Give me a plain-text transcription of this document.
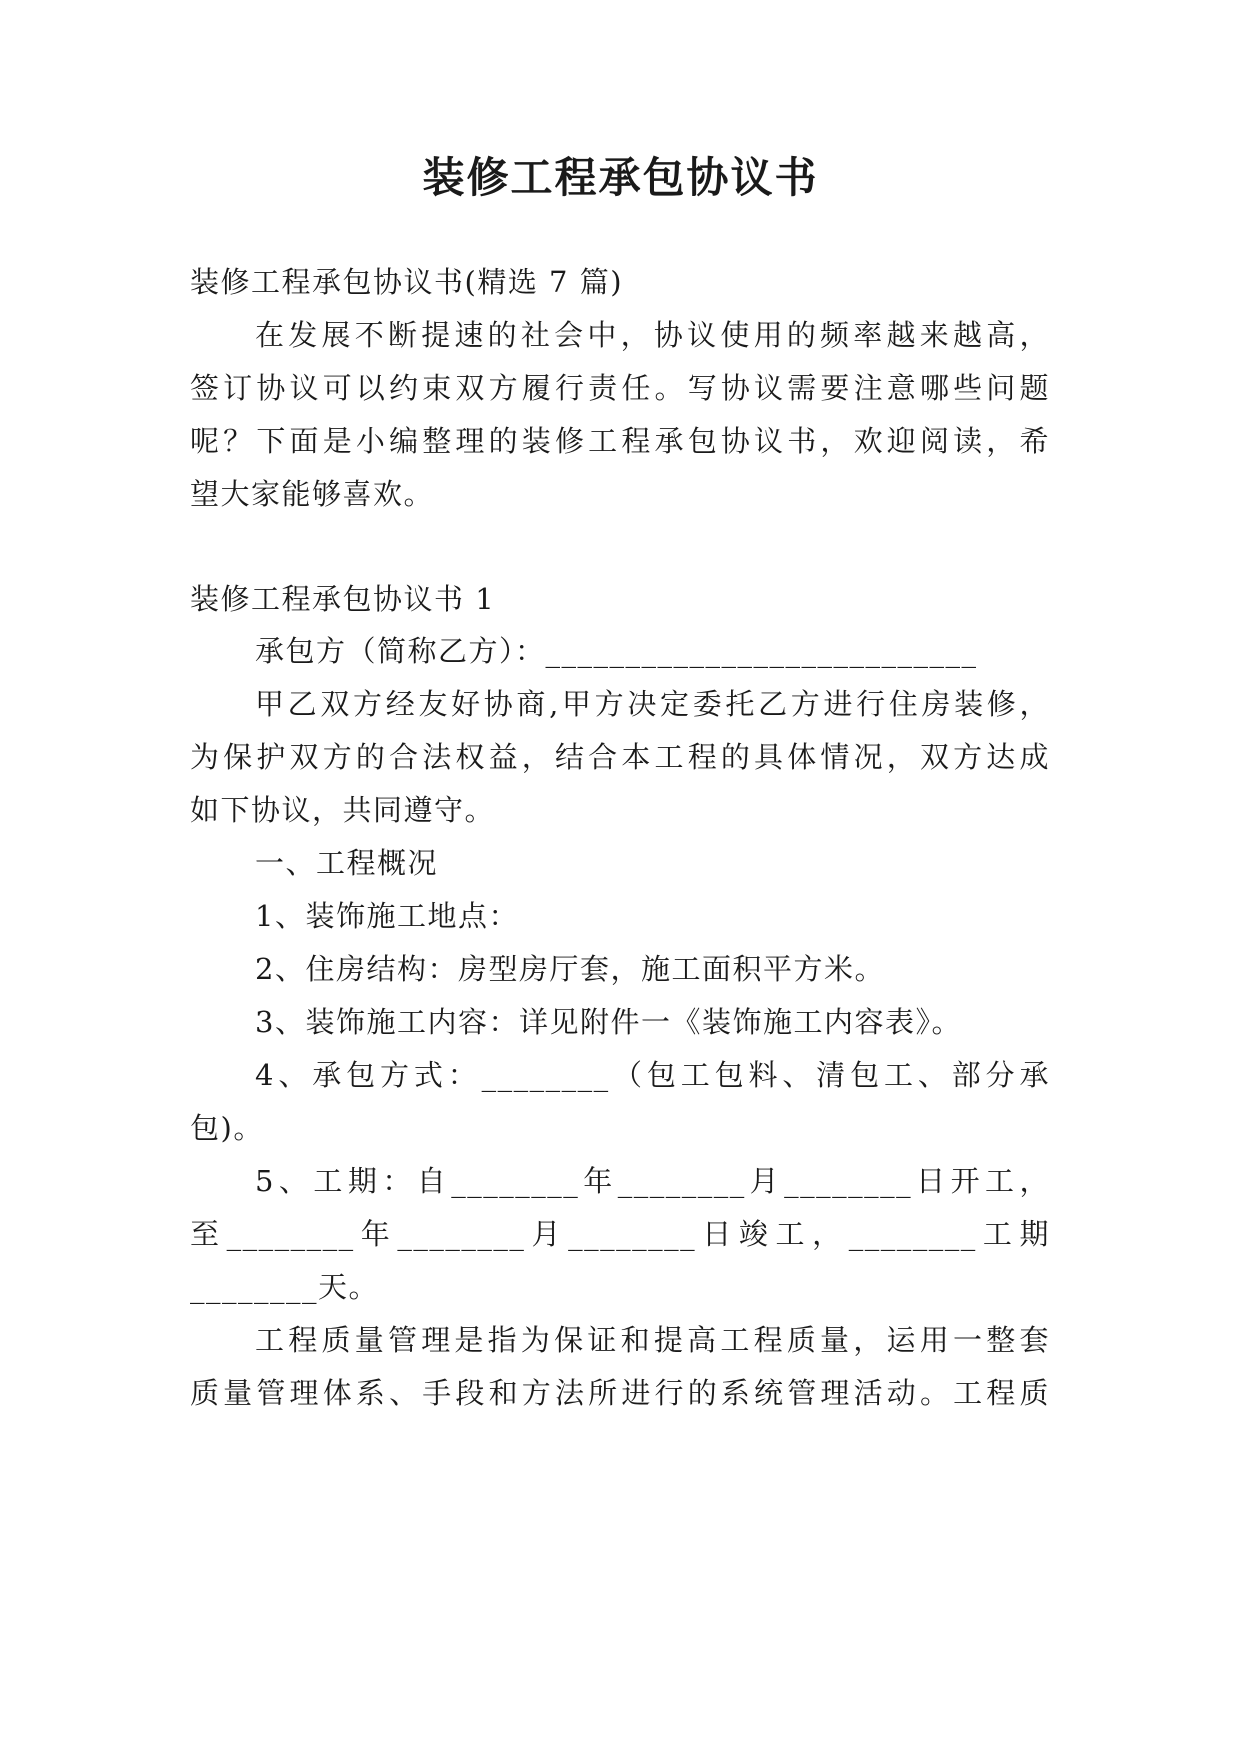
装修工程承包协议书
装修工程承包协议书(精选 7 篇)
在发展不断提速的社会中，协议使用的频率越来越高，
签订协议可以约束双方履行责任。写协议需要注意哪些问题
呢？下面是小编整理的装修工程承包协议书，欢迎阅读，希
望大家能够喜欢。
装修工程承包协议书 1
承包方（简称乙方）：___________________________
甲乙双方经友好协商,甲方决定委托乙方进行住房装修，
为保护双方的合法权益，结合本工程的具体情况，双方达成
如下协议，共同遵守。
一、工程概况
1、装饰施工地点：
2、住房结构：房型房厅套，施工面积平方米。
3、装饰施工内容：详见附件一《装饰施工内容表》。
4、承包方式：________（包工包料、清包工、部分承
包)。
5、工期：自________年________月________日开工，
至________年________月________日竣工，________工期
________天。
工程质量管理是指为保证和提高工程质量，运用一整套
质量管理体系、手段和方法所进行的系统管理活动。工程质
